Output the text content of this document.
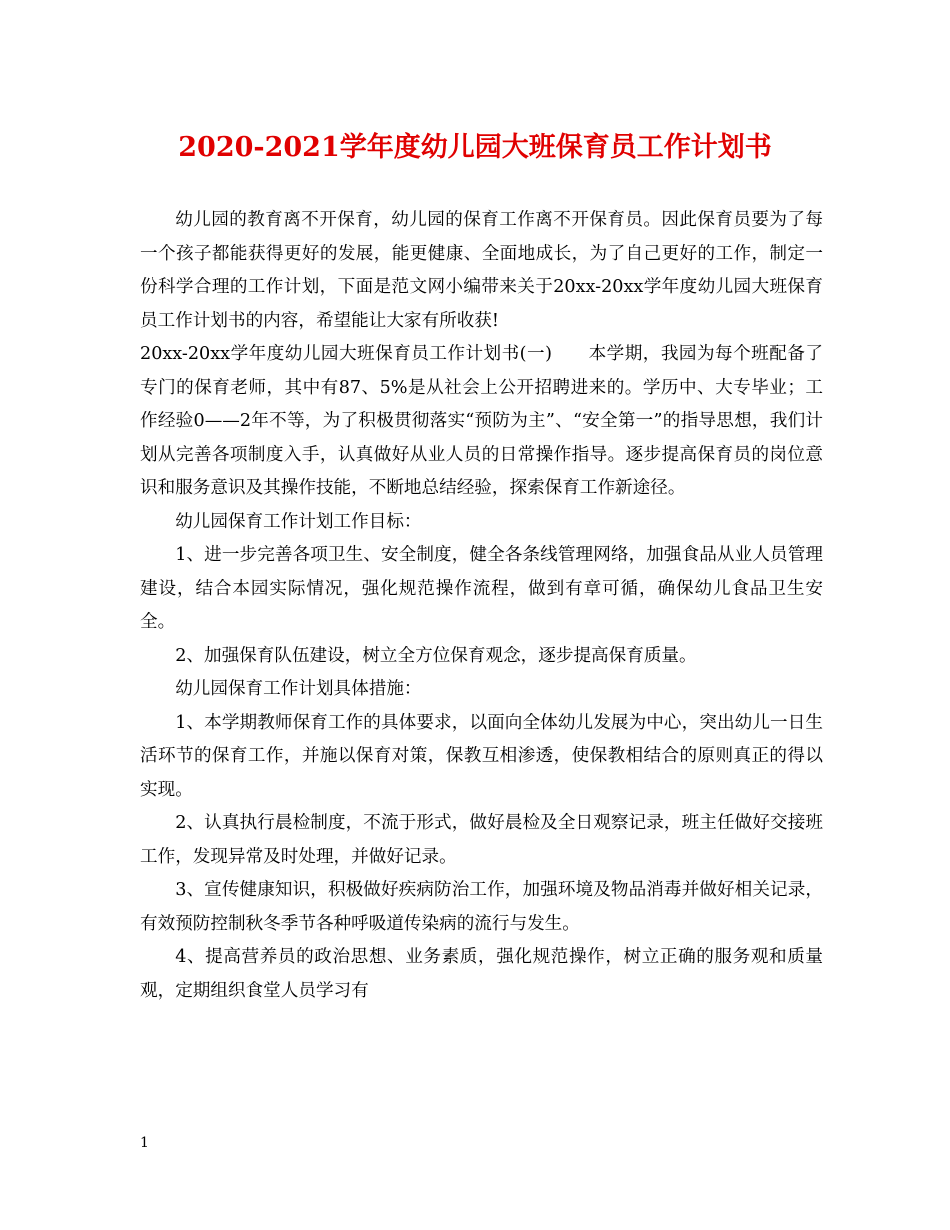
2020-2021学年度幼儿园大班保育员工作计划书

幼儿园的教育离不开保育，幼儿园的保育工作离不开保育员。因此保育员要为了每一个孩子都能获得更好的发展，能更健康、全面地成长，为了自己更好的工作，制定一份科学合理的工作计划，下面是范文网小编带来关于20xx-20xx学年度幼儿园大班保育员工作计划书的内容，希望能让大家有所收获!

20xx-20xx学年度幼儿园大班保育员工作计划书(一)　　本学期，我园为每个班配备了专门的保育老师，其中有87、5%是从社会上公开招聘进来的。学历中、大专毕业；工作经验0——2年不等，为了积极贯彻落实“预防为主”、“安全第一”的指导思想，我们计划从完善各项制度入手，认真做好从业人员的日常操作指导。逐步提高保育员的岗位意识和服务意识及其操作技能，不断地总结经验，探索保育工作新途径。

幼儿园保育工作计划工作目标：

1、进一步完善各项卫生、安全制度，健全各条线管理网络，加强食品从业人员管理建设，结合本园实际情况，强化规范操作流程，做到有章可循，确保幼儿食品卫生安全。

2、加强保育队伍建设，树立全方位保育观念，逐步提高保育质量。

幼儿园保育工作计划具体措施：

1、本学期教师保育工作的具体要求，以面向全体幼儿发展为中心，突出幼儿一日生活环节的保育工作，并施以保育对策，保教互相渗透，使保教相结合的原则真正的得以实现。

2、认真执行晨检制度，不流于形式，做好晨检及全日观察记录，班主任做好交接班工作，发现异常及时处理，并做好记录。

3、宣传健康知识，积极做好疾病防治工作，加强环境及物品消毒并做好相关记录，有效预防控制秋冬季节各种呼吸道传染病的流行与发生。

4、提高营养员的政治思想、业务素质，强化规范操作，树立正确的服务观和质量观，定期组织食堂人员学习有

1
